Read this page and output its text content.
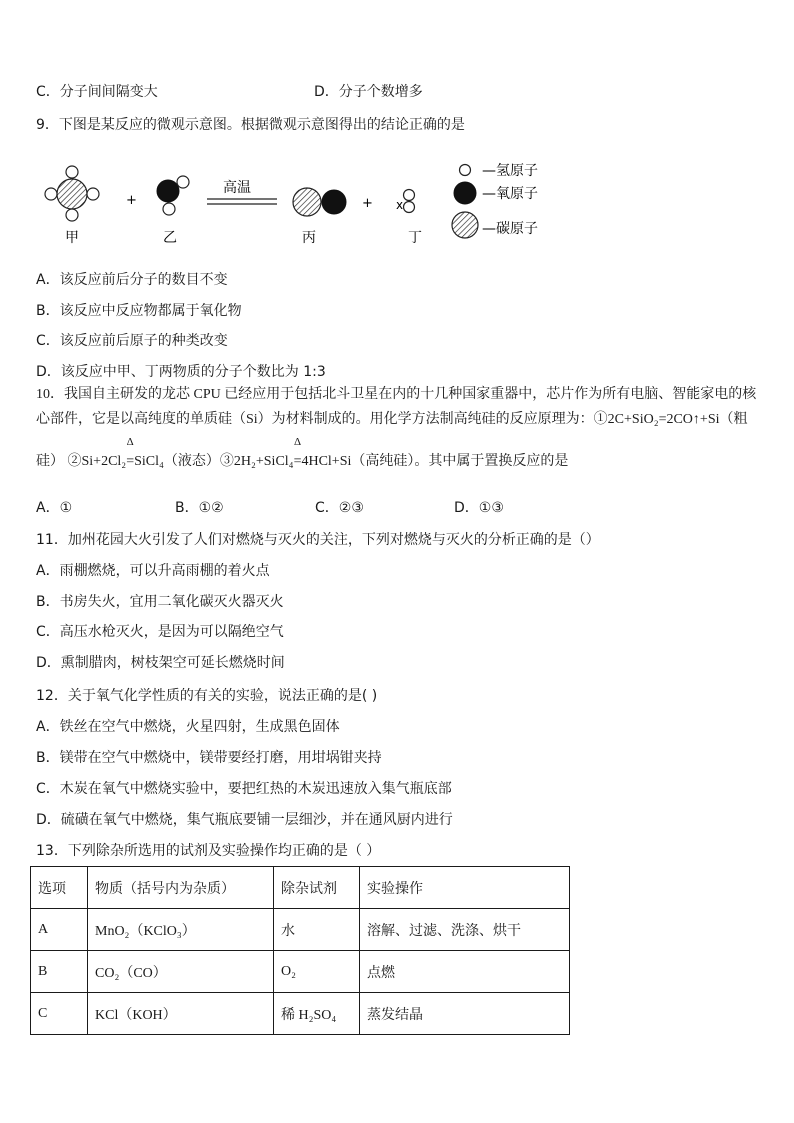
C．分子间间隔变大	D．分子个数增多
9．下图是某反应的微观示意图。根据微观示意图得出的结论正确的是
+
高温
+ x
甲	乙	丙	丁
—氢原子
—氧原子
—碳原子
A．该反应前后分子的数目不变
B．该反应中反应物都属于氧化物
C．该反应前后原子的种类改变
D．该反应中甲、丁两物质的分子个数比为 1:3
10．我国自主研发的龙芯 CPU 已经应用于包括北斗卫星在内的十几种国家重器中，芯片作为所有电脑、智能家电的核
心部件，它是以高纯度的单质硅（Si）为材料制成的。用化学方法制高纯硅的反应原理为：①2C+SiO₂=2CO↑+Si（粗
硅） ②Si+2Cl₂=
Δ
SiCl₄（液态）③2H₂+SiCl₄=
Δ
4HCl+Si（高纯硅）。其中属于置换反应的是
A．①	B．①②	C．②③	D．①③
11．加州花园大火引发了人们对燃烧与灭火的关注，下列对燃烧与灭火的分析正确的是（）
A．雨棚燃烧，可以升高雨棚的着火点
B．书房失火，宜用二氧化碳灭火器灭火
C．高压水枪灭火，是因为可以隔绝空气
D．熏制腊肉，树枝架空可延长燃烧时间
12．关于氧气化学性质的有关的实验，说法正确的是( )
A．铁丝在空气中燃烧，火星四射，生成黑色固体
B．镁带在空气中燃烧中，镁带要经打磨，用坩埚钳夹持
C．木炭在氧气中燃烧实验中，要把红热的木炭迅速放入集气瓶底部
D．硫磺在氧气中燃烧，集气瓶底要铺一层细沙，并在通风厨内进行
13．下列除杂所选用的试剂及实验操作均正确的是（ ）
选项	物质（括号内为杂质）	除杂试剂	实验操作
A	MnO₂（KClO₃）	水	溶解、过滤、洗涤、烘干
B	CO₂（CO）	O₂	点燃
C	KCl（KOH）	稀 H₂SO₄	蒸发结晶
